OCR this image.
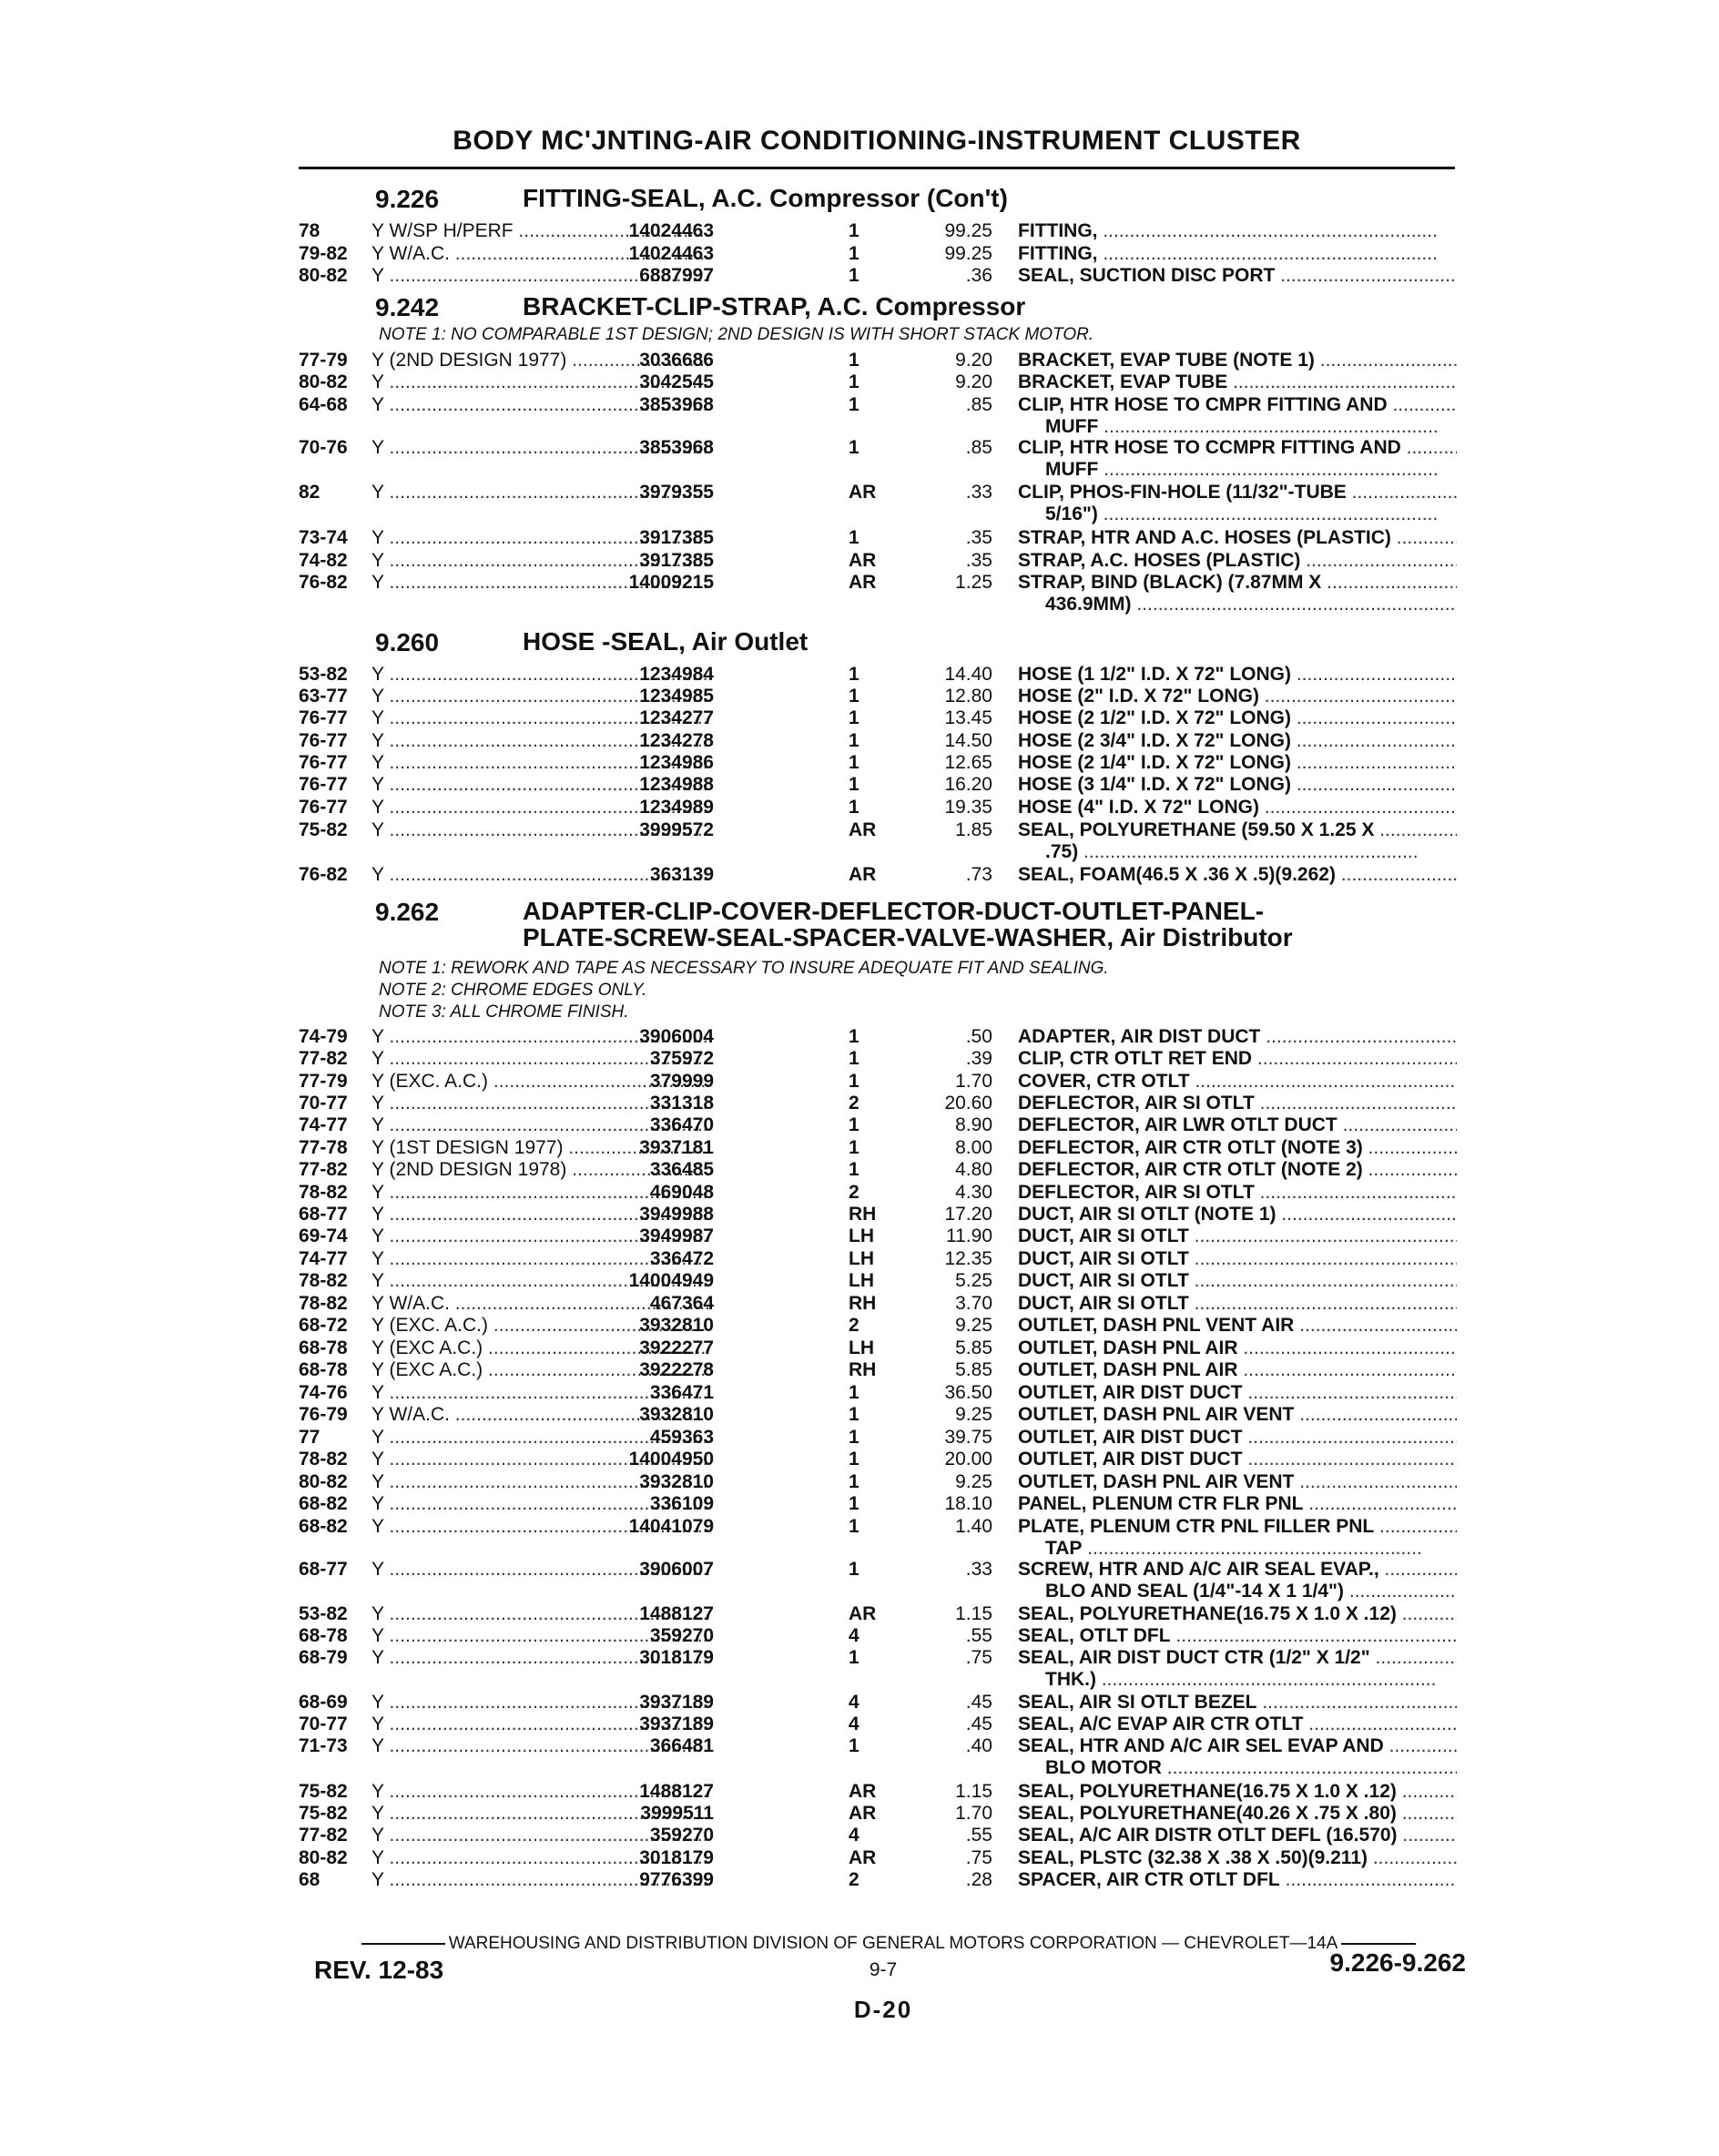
BODY MC'JNTING-AIR CONDITIONING-INSTRUMENT CLUSTER
9.226	FITTING-SEAL, A.C. Compressor (Con't)
78	Y W/SP H/PERF .....	14024463	1	99.25 FITTING, .....
79-82	Y W/A.C. .....	14024463	1	99.25 FITTING, .....
80-82	Y .....	6887997	1	.36 SEAL, SUCTION DISC PORT .....
9.242	BRACKET-CLIP-STRAP, A.C. Compressor
NOTE 1: NO COMPARABLE 1ST DESIGN; 2ND DESIGN IS WITH SHORT STACK MOTOR.
77-79	Y (2ND DESIGN 1977) .....	3036686	1	9.20 BRACKET, EVAP TUBE (NOTE 1) .....
80-82	Y .....	3042545	1	9.20 BRACKET, EVAP TUBE .....
64-68	Y .....	3853968	1	.85 CLIP, HTR HOSE TO CMPR FITTING AND .....
MUFF .....
70-76	Y .....	3853968	1	.85 CLIP, HTR HOSE TO CCMPR FITTING AND .....
MUFF .....
82	Y .....	3979355	AR	.33 CLIP, PHOS-FIN-HOLE (11/32"-TUBE .....
5/16") .....
73-74	Y .....	3917385	1	.35 STRAP, HTR AND A.C. HOSES (PLASTIC) .....
74-82	Y .....	3917385	AR	.35 STRAP, A.C. HOSES (PLASTIC) .....
76-82	Y .....	14009215	AR	1.25 STRAP, BIND (BLACK) (7.87MM X .....
436.9MM) .....
9.260	HOSE -SEAL, Air Outlet
53-82	Y .....	1234984	1	14.40 HOSE (1 1/2" I.D. X 72" LONG) .....
63-77	Y .....	1234985	1	12.80 HOSE (2" I.D. X 72" LONG) .....
76-77	Y .....	1234277	1	13.45 HOSE (2 1/2" I.D. X 72" LONG) .....
76-77	Y .....	1234278	1	14.50 HOSE (2 3/4" I.D. X 72" LONG) .....
76-77	Y .....	1234986	1	12.65 HOSE (2 1/4" I.D. X 72" LONG) .....
76-77	Y .....	1234988	1	16.20 HOSE (3 1/4" I.D. X 72" LONG) .....
76-77	Y .....	1234989	1	19.35 HOSE (4" I.D. X 72" LONG) .....
75-82	Y .....	3999572	AR	1.85 SEAL, POLYURETHANE (59.50 X 1.25 X .....
.75) .....
76-82	Y .....	363139	AR	.73 SEAL, FOAM(46.5 X .36 X .5)(9.262) .....
9.262	ADAPTER-CLIP-COVER-DEFLECTOR-DUCT-OUTLET-PANEL-
PLATE-SCREW-SEAL-SPACER-VALVE-WASHER, Air Distributor
NOTE 1: REWORK AND TAPE AS NECESSARY TO INSURE ADEQUATE FIT AND SEALING.
NOTE 2: CHROME EDGES ONLY.
NOTE 3: ALL CHROME FINISH.
74-79	Y .....	3906004	1	.50 ADAPTER, AIR DIST DUCT .....
77-82	Y .....	375972	1	.39 CLIP, CTR OTLT RET END .....
77-79	Y (EXC. A.C.) .....	379999	1	1.70 COVER, CTR OTLT .....
70-77	Y .....	331318	2	20.60 DEFLECTOR, AIR SI OTLT .....
74-77	Y .....	336470	1	8.90 DEFLECTOR, AIR LWR OTLT DUCT .....
77-78	Y (1ST DESIGN 1977) .....	3937181	1	8.00 DEFLECTOR, AIR CTR OTLT (NOTE 3) .....
77-82	Y (2ND DESIGN 1978) .....	336485	1	4.80 DEFLECTOR, AIR CTR OTLT (NOTE 2) .....
78-82	Y .....	469048	2	4.30 DEFLECTOR, AIR SI OTLT .....
68-77	Y .....	3949988	RH	17.20 DUCT, AIR SI OTLT (NOTE 1) .....
69-74	Y .....	3949987	LH	11.90 DUCT, AIR SI OTLT .....
74-77	Y .....	336472	LH	12.35 DUCT, AIR SI OTLT .....
78-82	Y .....	14004949	LH	5.25 DUCT, AIR SI OTLT .....
78-82	Y W/A.C. .....	467364	RH	3.70 DUCT, AIR SI OTLT .....
68-72	Y (EXC. A.C.) .....	3932810	2	9.25 OUTLET, DASH PNL VENT AIR .....
68-78	Y (EXC A.C.) .....	3922277	LH	5.85 OUTLET, DASH PNL AIR .....
68-78	Y (EXC A.C.) .....	3922278	RH	5.85 OUTLET, DASH PNL AIR .....
74-76	Y .....	336471	1	36.50 OUTLET, AIR DIST DUCT .....
76-79	Y W/A.C. .....	3932810	1	9.25 OUTLET, DASH PNL AIR VENT .....
77	Y .....	459363	1	39.75 OUTLET, AIR DIST DUCT .....
78-82	Y .....	14004950	1	20.00 OUTLET, AIR DIST DUCT .....
80-82	Y .....	3932810	1	9.25 OUTLET, DASH PNL AIR VENT .....
68-82	Y .....	336109	1	18.10 PANEL, PLENUM CTR FLR PNL .....
68-82	Y .....	14041079	1	1.40 PLATE, PLENUM CTR PNL FILLER PNL .....
TAP .....
68-77	Y .....	3906007	1	.33 SCREW, HTR AND A/C AIR SEAL EVAP., .....
BLO AND SEAL (1/4"-14 X 1 1/4") .....
53-82	Y .....	1488127	AR	1.15 SEAL, POLYURETHANE(16.75 X 1.0 X .12) .....
68-78	Y .....	359270	4	.55 SEAL, OTLT DFL .....
68-79	Y .....	3018179	1	.75 SEAL, AIR DIST DUCT CTR (1/2" X 1/2" .....
THK.) .....
68-69	Y .....	3937189	4	.45 SEAL, AIR SI OTLT BEZEL .....
70-77	Y .....	3937189	4	.45 SEAL, A/C EVAP AIR CTR OTLT .....
71-73	Y .....	366481	1	.40 SEAL, HTR AND A/C AIR SEL EVAP AND .....
BLO MOTOR .....
75-82	Y .....	1488127	AR	1.15 SEAL, POLYURETHANE(16.75 X 1.0 X .12) .....
75-82	Y .....	3999511	AR	1.70 SEAL, POLYURETHANE(40.26 X .75 X .80) .....
77-82	Y .....	359270	4	.55 SEAL, A/C AIR DISTR OTLT DEFL (16.570) .....
80-82	Y .....	3018179	AR	.75 SEAL, PLSTC (32.38 X .38 X .50)(9.211) .....
68	Y .....	9776399	2	.28 SPACER, AIR CTR OTLT DFL .....
WAREHOUSING AND DISTRIBUTION DIVISION OF GENERAL MOTORS CORPORATION — CHEVROLET—14A
REV. 12-83	9-7	9.226-9.262
D-20
